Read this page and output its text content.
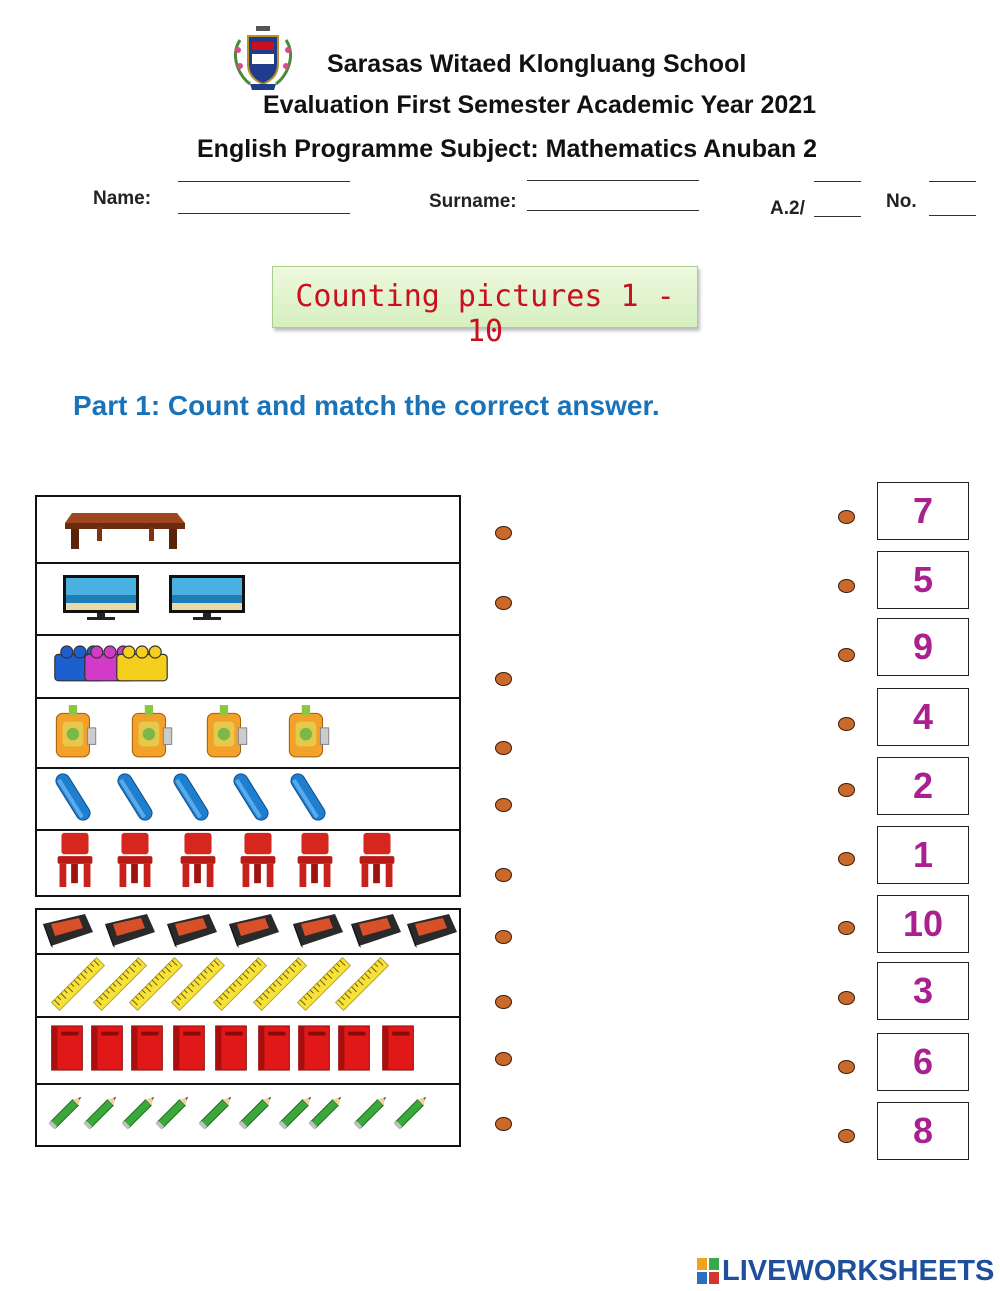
Sarasas Witaed Klongluang School
Evaluation First Semester Academic Year 2021
English Programme Subject: Mathematics Anuban 2
Name:	Surname:	A.2/	No.
Counting pictures 1 - 10
Part 1: Count and match the correct answer.
7
5
9
4
2
1
10
3
6
8
LIVEWORKSHEETS
